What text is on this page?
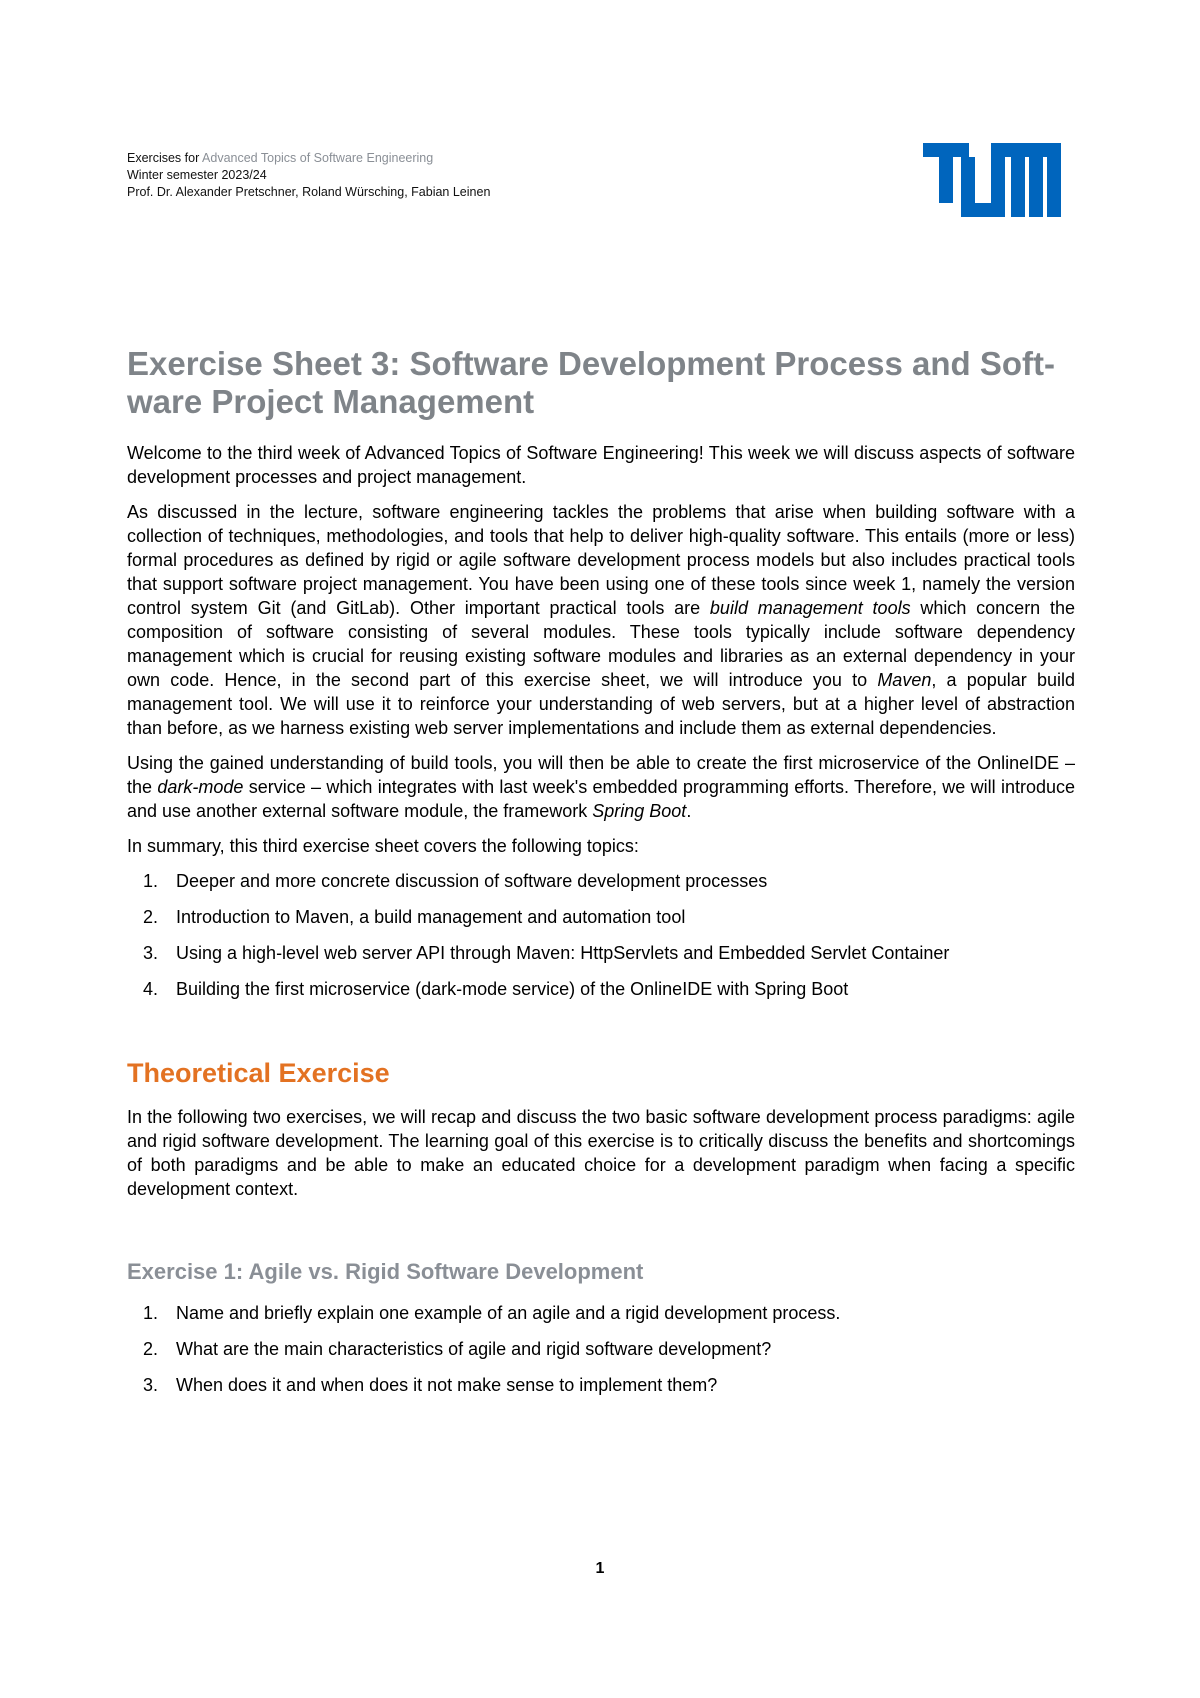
Exercises for Advanced Topics of Software Engineering
Winter semester 2023/24
Prof. Dr. Alexander Pretschner, Roland Würsching, Fabian Leinen
Exercise Sheet 3: Software Development Process and Soft-ware Project Management

Welcome to the third week of Advanced Topics of Software Engineering! This week we will discuss aspects of software development processes and project management.

As discussed in the lecture, software engineering tackles the problems that arise when building software with a collection of techniques, methodologies, and tools that help to deliver high-quality software. This entails (more or less) formal procedures as defined by rigid or agile software development process models but also includes practical tools that support software project management. You have been using one of these tools since week 1, namely the version control system Git (and GitLab). Other important practical tools are build management tools which concern the composition of software consisting of several modules. These tools typically include software dependency management which is crucial for reusing existing software modules and libraries as an external dependency in your own code. Hence, in the second part of this exercise sheet, we will introduce you to Maven, a popular build management tool. We will use it to reinforce your understanding of web servers, but at a higher level of abstraction than before, as we harness existing web server implementations and include them as external dependencies.

Using the gained understanding of build tools, you will then be able to create the first microservice of the OnlineIDE – the dark-mode service – which integrates with last week's embedded programming efforts. Therefore, we will introduce and use another external software module, the framework Spring Boot.

In summary, this third exercise sheet covers the following topics:

1. Deeper and more concrete discussion of software development processes
2. Introduction to Maven, a build management and automation tool
3. Using a high-level web server API through Maven: HttpServlets and Embedded Servlet Container
4. Building the first microservice (dark-mode service) of the OnlineIDE with Spring Boot
Theoretical Exercise

In the following two exercises, we will recap and discuss the two basic software development process paradigms: agile and rigid software development. The learning goal of this exercise is to critically discuss the benefits and shortcomings of both paradigms and be able to make an educated choice for a development paradigm when facing a specific development context.

Exercise 1: Agile vs. Rigid Software Development
1. Name and briefly explain one example of an agile and a rigid development process.
2. What are the main characteristics of agile and rigid software development?
3. When does it and when does it not make sense to implement them?
1
